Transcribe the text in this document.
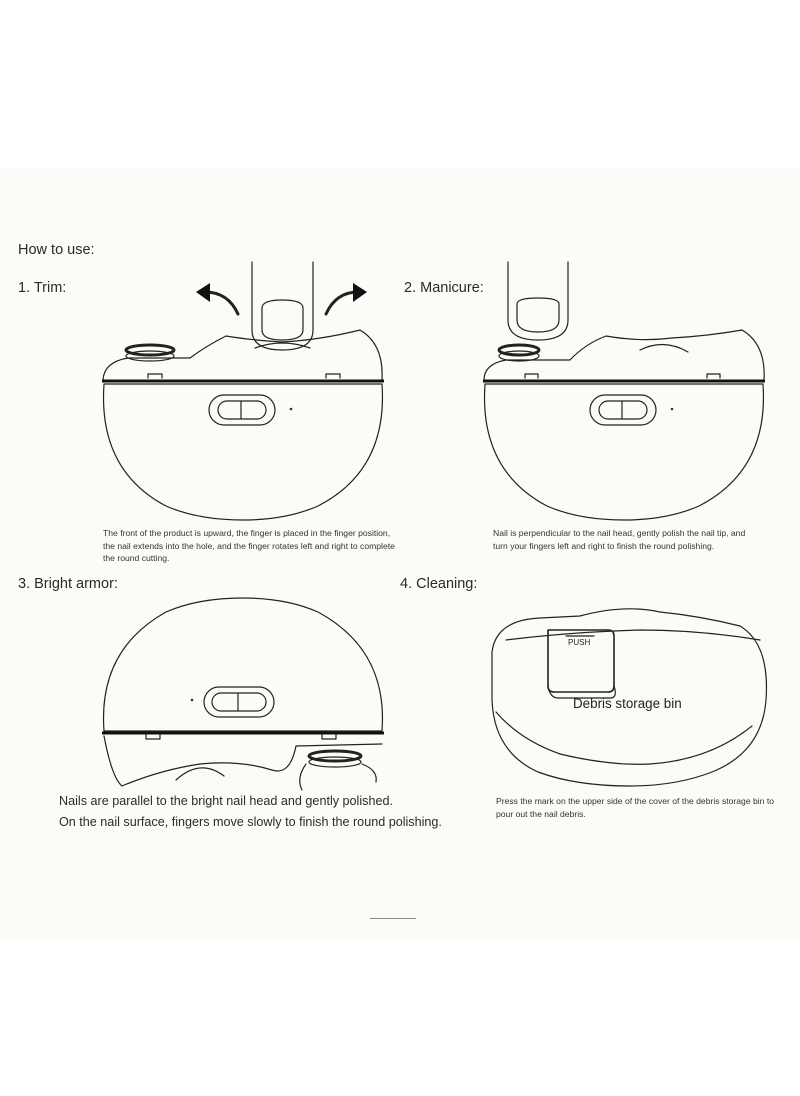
How to use:
1. Trim:
The front of the product is upward, the finger is placed in the finger position, the nail extends into the hole, and the finger rotates left and right to complete the round cutting.
2. Manicure:
Nail is perpendicular to the nail head, gently polish the nail tip, and turn your fingers left and right to finish the round polishing.
3. Bright armor:
Nails are parallel to the bright nail head and gently polished.
On the nail surface, fingers move slowly to finish the round polishing.
4. Cleaning:
PUSH
Debris storage bin
Press the mark on the upper side of the cover of the debris storage bin to pour out the nail debris.
